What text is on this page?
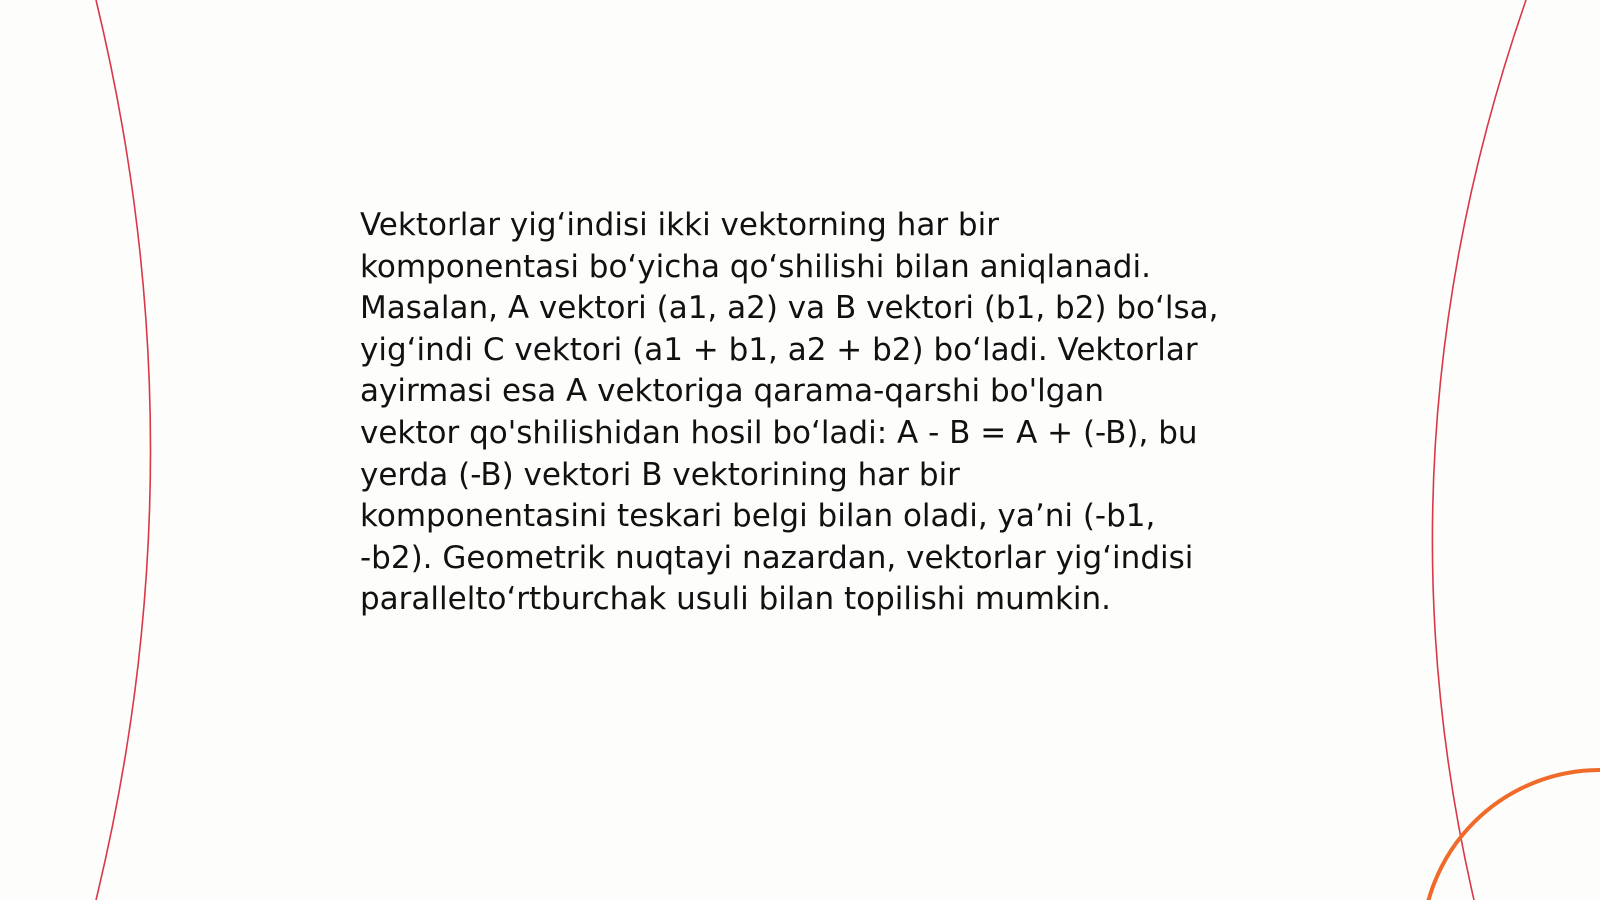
Vektorlar yig‘indisi ikki vektorning har bir
komponentasi bo‘yicha qo‘shilishi bilan aniqlanadi.
Masalan, A vektori (a1, a2) va B vektori (b1, b2) bo‘lsa,
yig‘indi C vektori (a1 + b1, a2 + b2) bo‘ladi. Vektorlar
ayirmasi esa A vektoriga qarama-qarshi bo'lgan
vektor qo'shilishidan hosil bo‘ladi: A - B = A + (-B), bu
yerda (-B) vektori B vektorining har bir
komponentasini teskari belgi bilan oladi, ya’ni (-b1,
-b2). Geometrik nuqtayi nazardan, vektorlar yig‘indisi
parallelto‘rtburchak usuli bilan topilishi mumkin.
